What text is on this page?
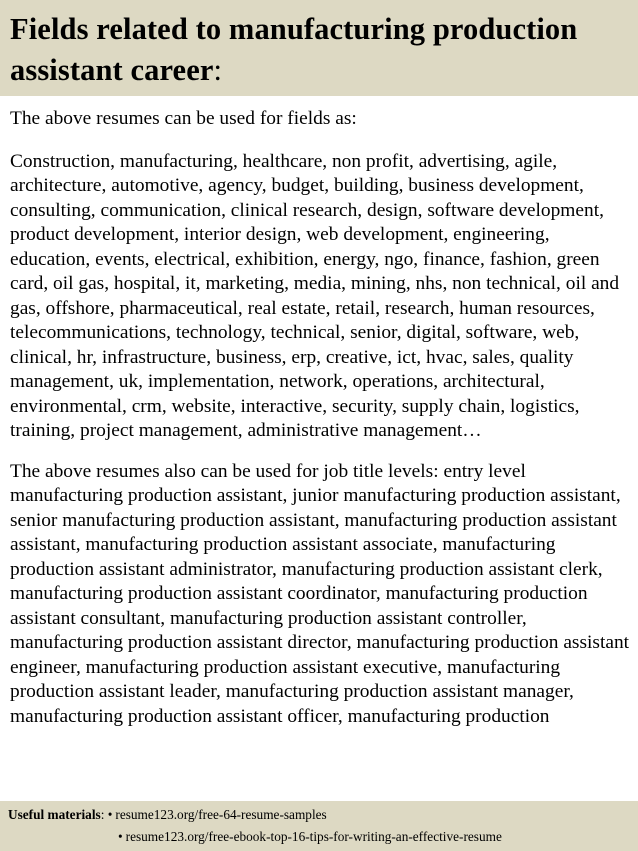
Fields related to manufacturing production assistant career:

The above resumes can be used for fields as:

Construction, manufacturing, healthcare, non profit, advertising, agile, architecture, automotive, agency, budget, building, business development, consulting, communication, clinical research, design, software development, product development, interior design, web development, engineering, education, events, electrical, exhibition, energy, ngo, finance, fashion, green card, oil gas, hospital, it, marketing, media, mining, nhs, non technical, oil and gas, offshore, pharmaceutical, real estate, retail, research, human resources, telecommunications, technology, technical, senior, digital, software, web, clinical, hr, infrastructure, business, erp, creative, ict, hvac, sales, quality management, uk, implementation, network, operations, architectural, environmental, crm, website, interactive, security, supply chain, logistics, training, project management, administrative management…

The above resumes also can be used for job title levels: entry level manufacturing production assistant, junior manufacturing production assistant, senior manufacturing production assistant, manufacturing production assistant assistant, manufacturing production assistant associate, manufacturing production assistant administrator, manufacturing production assistant clerk, manufacturing production assistant coordinator, manufacturing production assistant consultant, manufacturing production assistant controller, manufacturing production assistant director, manufacturing production assistant engineer, manufacturing production assistant executive, manufacturing production assistant leader, manufacturing production assistant manager, manufacturing production assistant officer, manufacturing production

Useful materials: • resume123.org/free-64-resume-samples
• resume123.org/free-ebook-top-16-tips-for-writing-an-effective-resume
